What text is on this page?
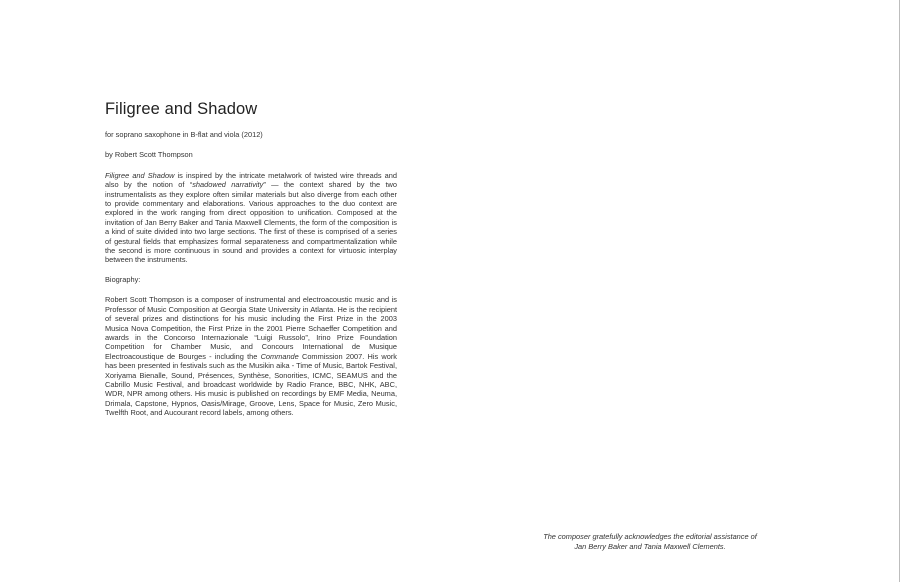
Filigree and Shadow

for soprano saxophone in B-flat and viola (2012)

by Robert Scott Thompson

Filigree and Shadow is inspired by the intricate metalwork of twisted wire threads and also by the notion of “shadowed narrativity” — the context shared by the two instrumentalists as they explore often similar materials but also diverge from each other to provide commentary and elaborations. Various approaches to the duo context are explored in the work ranging from direct opposition to unification. Composed at the invitation of Jan Berry Baker and Tania Maxwell Clements, the form of the composition is a kind of suite divided into two large sections. The first of these is comprised of a series of gestural fields that emphasizes formal separateness and compartmentalization while the second is more continuous in sound and provides a context for virtuosic interplay between the instruments.

Biography:

Robert Scott Thompson is a composer of instrumental and electroacoustic music and is Professor of Music Composition at Georgia State University in Atlanta. He is the recipient of several prizes and distinctions for his music including the First Prize in the 2003 Musica Nova Competition, the First Prize in the 2001 Pierre Schaeffer Competition and awards in the Concorso Internazionale “Luigi Russolo”, Irino Prize Foundation Competition for Chamber Music, and Concours International de Musique Electroacoustique de Bourges - including the Commande Commission 2007. His work has been presented in festivals such as the Musikin aika - Time of Music, Bartok Festival, Xoriyama Bienalle, Sound, Présences, Synthèse, Sonorities, ICMC, SEAMUS and the Cabrillo Music Festival, and broadcast worldwide by Radio France, BBC, NHK, ABC, WDR, NPR among others. His music is published on recordings by EMF Media, Neuma, Drimala, Capstone, Hypnos, Oasis/Mirage, Groove, Lens, Space for Music, Zero Music, Twelfth Root, and Aucourant record labels, among others.

The composer gratefully acknowledges the editorial assistance of
Jan Berry Baker and Tania Maxwell Clements.
